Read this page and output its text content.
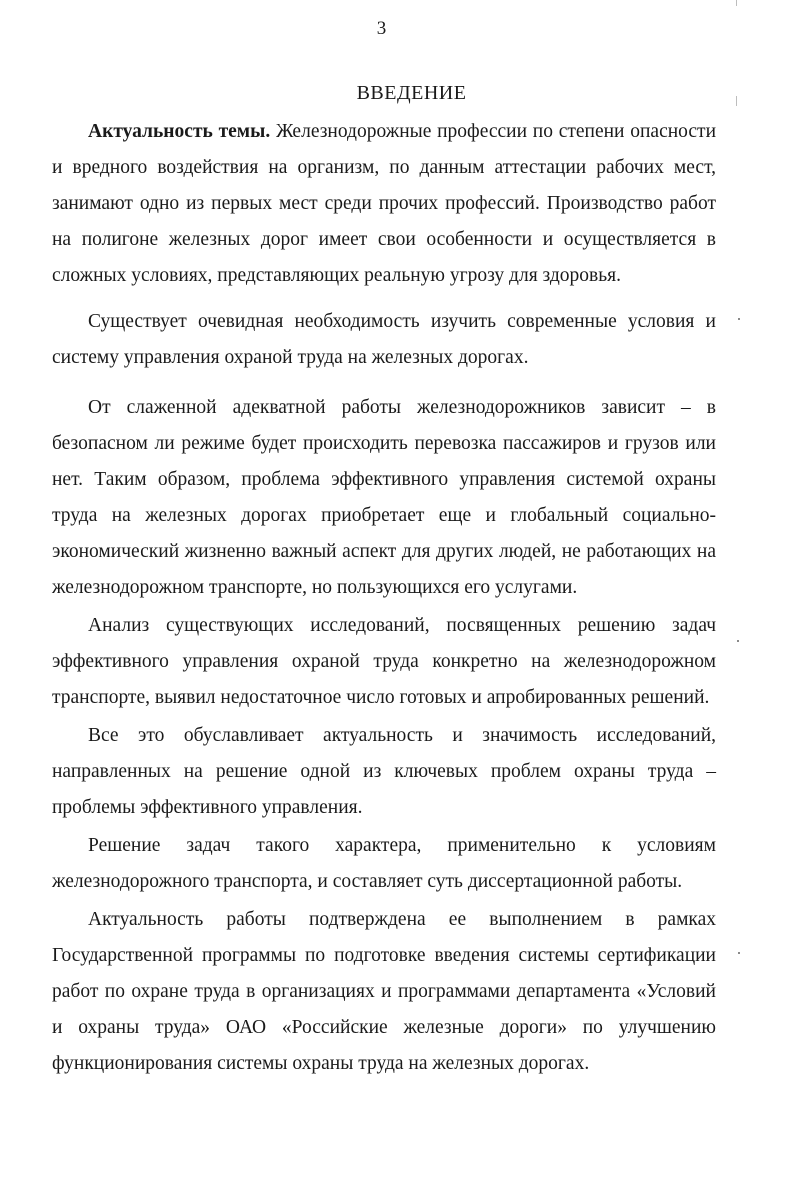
3
ВВЕДЕНИЕ

Актуальность темы. Железнодорожные профессии по степени опасности и вредного воздействия на организм, по данным аттестации рабочих мест, занимают одно из первых мест среди прочих профессий. Производство работ на полигоне железных дорог имеет свои особенности и осуществляется в сложных условиях, представляющих реальную угрозу для здоровья.

Существует очевидная необходимость изучить современные условия и систему управления охраной труда на железных дорогах.

От слаженной адекватной работы железнодорожников зависит – в безопасном ли режиме будет происходить перевозка пассажиров и грузов или нет. Таким образом, проблема эффективного управления системой охраны труда на железных дорогах приобретает еще и глобальный социально-экономический жизненно важный аспект для других людей, не работающих на железнодорожном транспорте, но пользующихся его услугами.

Анализ существующих исследований, посвященных решению задач эффективного управления охраной труда конкретно на железнодорожном транспорте, выявил недостаточное число готовых и апробированных решений.

Все это обуславливает актуальность и значимость исследований, направленных на решение одной из ключевых проблем охраны труда – проблемы эффективного управления.

Решение задач такого характера, применительно к условиям железнодорожного транспорта, и составляет суть диссертационной работы.

Актуальность работы подтверждена ее выполнением в рамках Государственной программы по подготовке введения системы сертификации работ по охране труда в организациях и программами департамента «Условий и охраны труда» ОАО «Российские железные дороги» по улучшению функционирования системы охраны труда на железных дорогах.
